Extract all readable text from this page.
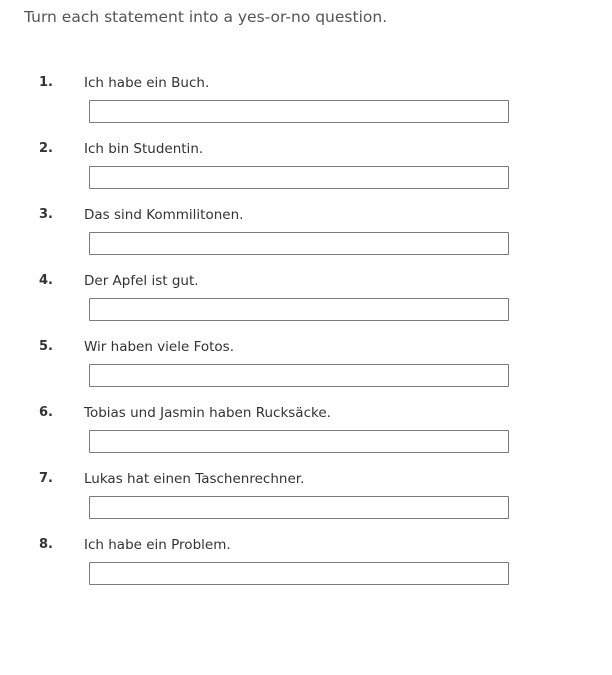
Turn each statement into a yes-or-no question.
1. Ich habe ein Buch.
2. Ich bin Studentin.
3. Das sind Kommilitonen.
4. Der Apfel ist gut.
5. Wir haben viele Fotos.
6. Tobias und Jasmin haben Rucksäcke.
7. Lukas hat einen Taschenrechner.
8. Ich habe ein Problem.
